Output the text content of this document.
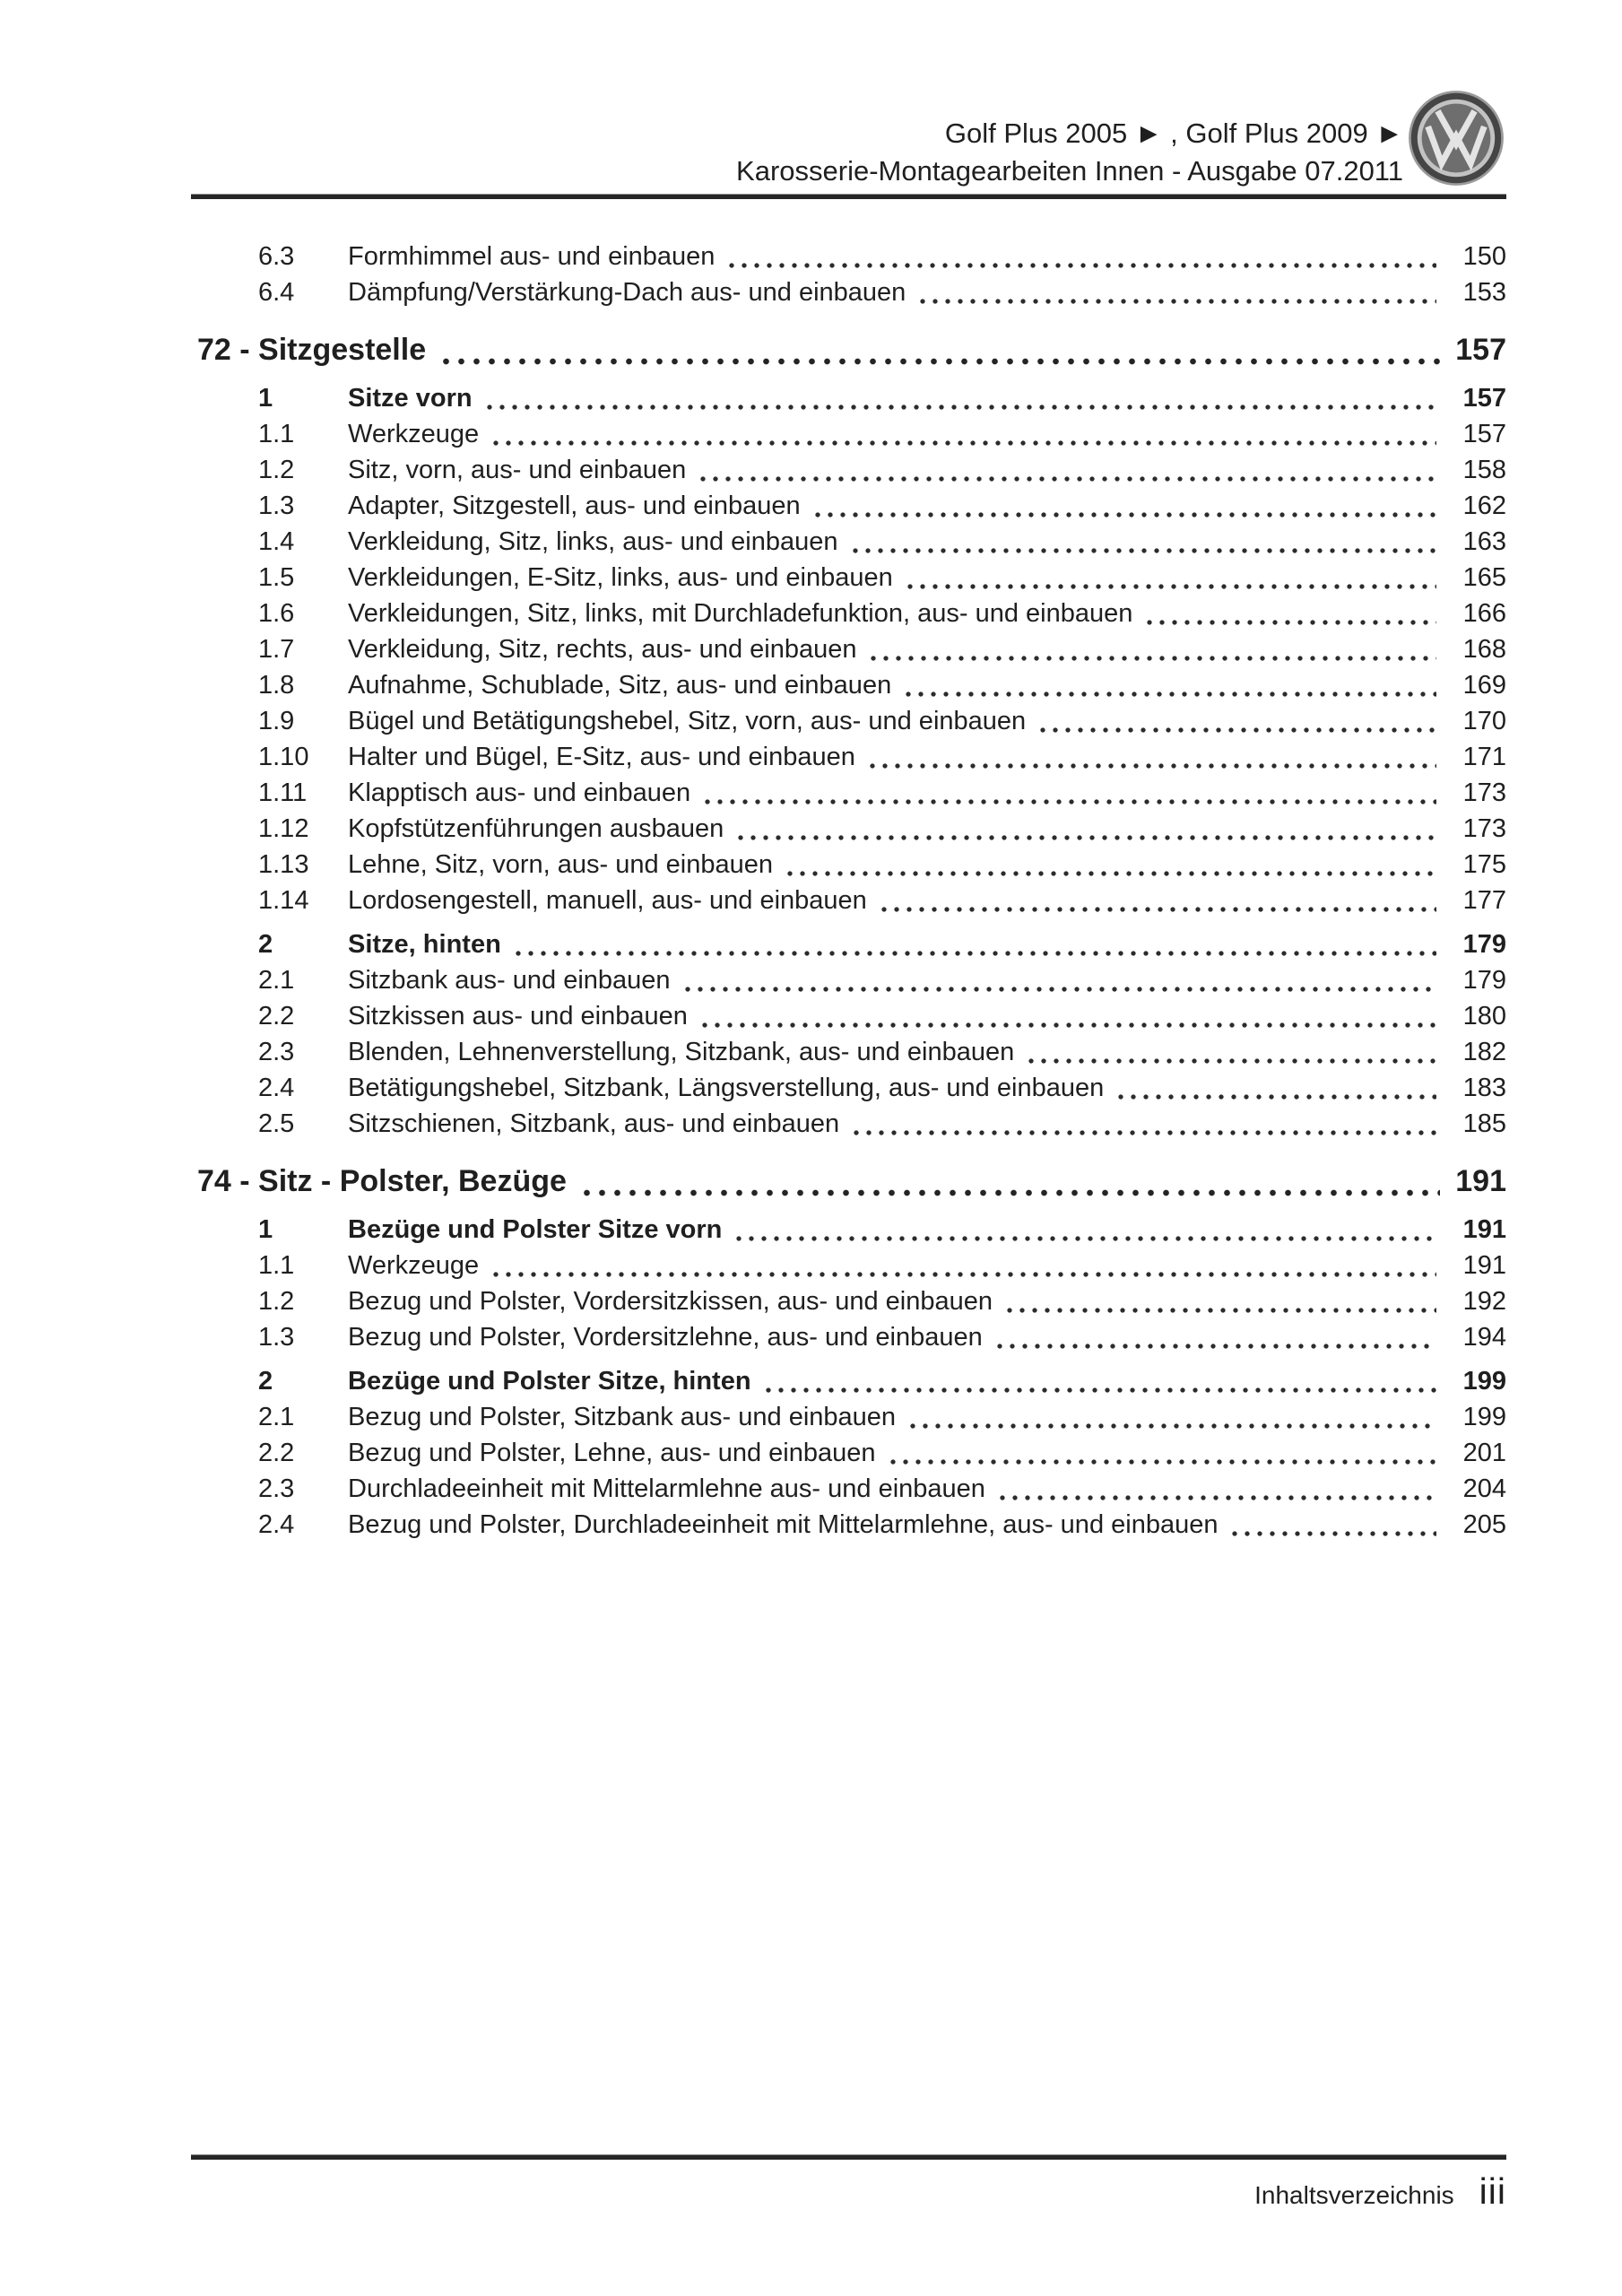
Golf Plus 2005 ► , Golf Plus 2009 ►
Karosserie-Montagearbeiten Innen - Ausgabe 07.2011
6.3	Formhimmel aus- und einbauen	150
6.4	Dämpfung/Verstärkung-Dach aus- und einbauen	153
72 - Sitzgestelle	157
1	Sitze vorn	157
1.1	Werkzeuge	157
1.2	Sitz, vorn, aus- und einbauen	158
1.3	Adapter, Sitzgestell, aus- und einbauen	162
1.4	Verkleidung, Sitz, links, aus- und einbauen	163
1.5	Verkleidungen, E-Sitz, links, aus- und einbauen	165
1.6	Verkleidungen, Sitz, links, mit Durchladefunktion, aus- und einbauen	166
1.7	Verkleidung, Sitz, rechts, aus- und einbauen	168
1.8	Aufnahme, Schublade, Sitz, aus- und einbauen	169
1.9	Bügel und Betätigungshebel, Sitz, vorn, aus- und einbauen	170
1.10	Halter und Bügel, E-Sitz, aus- und einbauen	171
1.11	Klapptisch aus- und einbauen	173
1.12	Kopfstützenführungen ausbauen	173
1.13	Lehne, Sitz, vorn, aus- und einbauen	175
1.14	Lordosengestell, manuell, aus- und einbauen	177
2	Sitze, hinten	179
2.1	Sitzbank aus- und einbauen	179
2.2	Sitzkissen aus- und einbauen	180
2.3	Blenden, Lehnenverstellung, Sitzbank, aus- und einbauen	182
2.4	Betätigungshebel, Sitzbank, Längsverstellung, aus- und einbauen	183
2.5	Sitzschienen, Sitzbank, aus- und einbauen	185
74 - Sitz - Polster, Bezüge	191
1	Bezüge und Polster Sitze vorn	191
1.1	Werkzeuge	191
1.2	Bezug und Polster, Vordersitzkissen, aus- und einbauen	192
1.3	Bezug und Polster, Vordersitzlehne, aus- und einbauen	194
2	Bezüge und Polster Sitze, hinten	199
2.1	Bezug und Polster, Sitzbank aus- und einbauen	199
2.2	Bezug und Polster, Lehne, aus- und einbauen	201
2.3	Durchladeeinheit mit Mittelarmlehne aus- und einbauen	204
2.4	Bezug und Polster, Durchladeeinheit mit Mittelarmlehne, aus- und einbauen	205
Inhaltsverzeichnis iii
